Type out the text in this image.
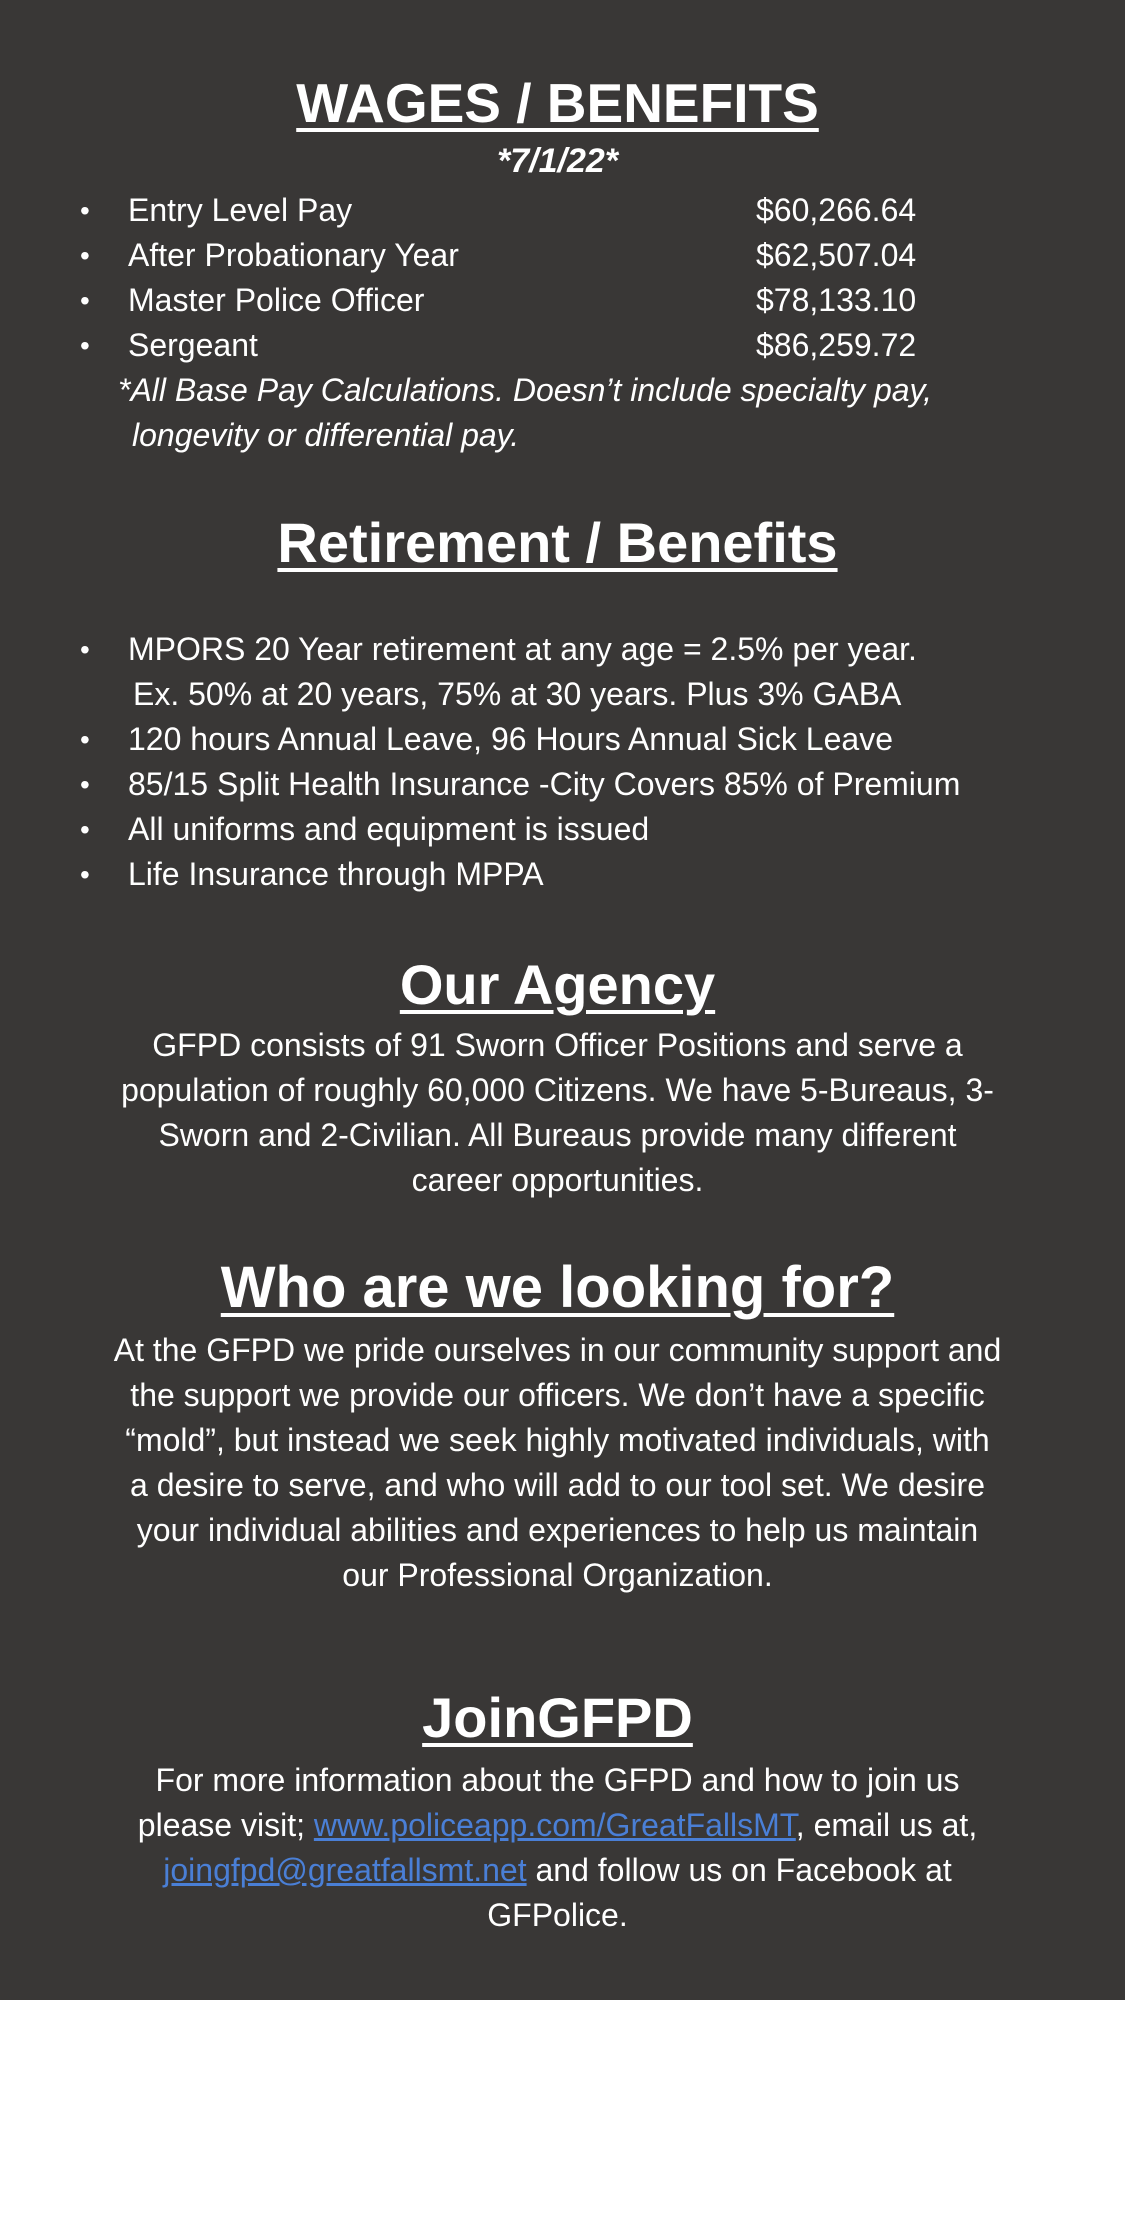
WAGES / BENEFITS
*7/1/22*
• Entry Level Pay	$60,266.64
• After Probationary Year	$62,507.04
• Master Police Officer	$78,133.10
• Sergeant	$86,259.72
*All Base Pay Calculations. Doesn’t include specialty pay,
longevity or differential pay.
Retirement / Benefits
• MPORS 20 Year retirement at any age = 2.5% per year.
Ex. 50% at 20 years, 75% at 30 years. Plus 3% GABA
• 120 hours Annual Leave, 96 Hours Annual Sick Leave
• 85/15 Split Health Insurance -City Covers 85% of Premium
• All uniforms and equipment is issued
• Life Insurance through MPPA
Our Agency
GFPD consists of 91 Sworn Officer Positions and serve a
population of roughly 60,000 Citizens. We have 5-Bureaus, 3-
Sworn and 2-Civilian. All Bureaus provide many different
career opportunities.
Who are we looking for?
At the GFPD we pride ourselves in our community support and
the support we provide our officers. We don’t have a specific
“mold”, but instead we seek highly motivated individuals, with
a desire to serve, and who will add to our tool set. We desire
your individual abilities and experiences to help us maintain
our Professional Organization.
JoinGFPD
For more information about the GFPD and how to join us
please visit; www.policeapp.com/GreatFallsMT, email us at,
joingfpd@greatfallsmt.net and follow us on Facebook at
GFPolice.
